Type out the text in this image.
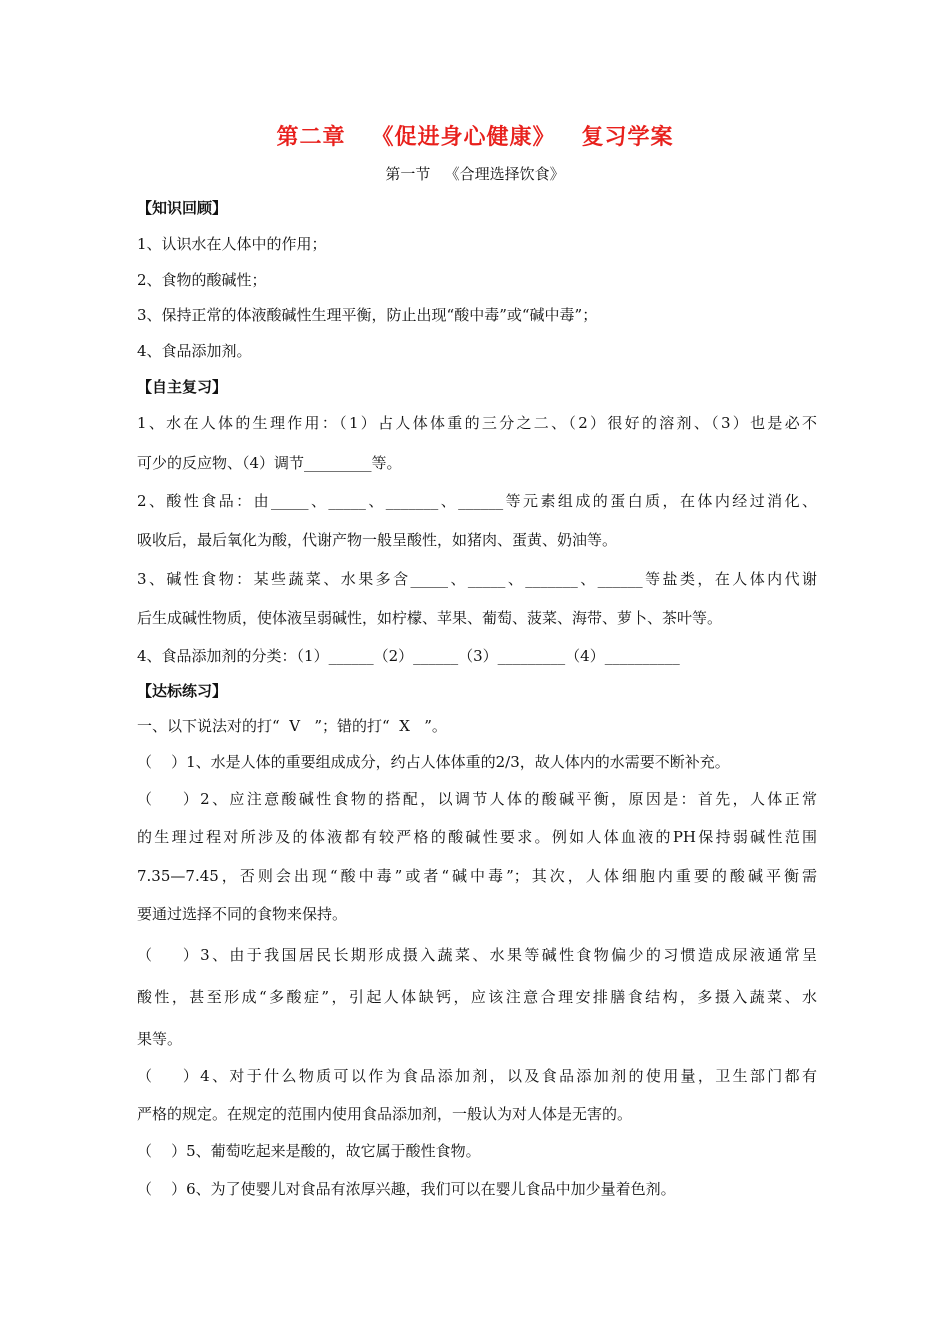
第二章   《促进身心健康》   复习学案
第一节   《合理选择饮食》
【知识回顾】
1、认识水在人体中的作用；
2、食物的酸碱性；
3、保持正常的体液酸碱性生理平衡，防止出现“酸中毒”或“碱中毒”；
4、食品添加剂。
【自主复习】
1、水在人体的生理作用：（1）占人体体重的三分之二、（2）很好的溶剂、（3）也是必不
可少的反应物、（4）调节_________等。
2、酸性食品：由_____、_____、_______、______等元素组成的蛋白质，在体内经过消化、
吸收后，最后氧化为酸，代谢产物一般呈酸性，如猪肉、蛋黄、奶油等。
3、碱性食物：某些蔬菜、水果多含_____、_____、_______、______等盐类，在人体内代谢
后生成碱性物质，使体液呈弱碱性，如柠檬、苹果、葡萄、菠菜、海带、萝卜、茶叶等。
4、食品添加剂的分类：（1）______（2）______（3）_________（4）__________
【达标练习】
一、以下说法对的打“  V   ”；错的打“  X   ”。
（    ）1、水是人体的重要组成成分，约占人体体重的2/3，故人体内的水需要不断补充。
（    ）2、应注意酸碱性食物的搭配，以调节人体的酸碱平衡，原因是：首先，人体正常
的生理过程对所涉及的体液都有较严格的酸碱性要求。例如人体血液的PH保持弱碱性范围
7.35—7.45，否则会出现“酸中毒”或者“碱中毒”；其次，人体细胞内重要的酸碱平衡需
要通过选择不同的食物来保持。
（    ）3、由于我国居民长期形成摄入蔬菜、水果等碱性食物偏少的习惯造成尿液通常呈
酸性，甚至形成“多酸症”，引起人体缺钙，应该注意合理安排膳食结构，多摄入蔬菜、水
果等。
（    ）4、对于什么物质可以作为食品添加剂，以及食品添加剂的使用量，卫生部门都有
严格的规定。在规定的范围内使用食品添加剂，一般认为对人体是无害的。
（    ）5、葡萄吃起来是酸的，故它属于酸性食物。
（    ）6、为了使婴儿对食品有浓厚兴趣，我们可以在婴儿食品中加少量着色剂。
